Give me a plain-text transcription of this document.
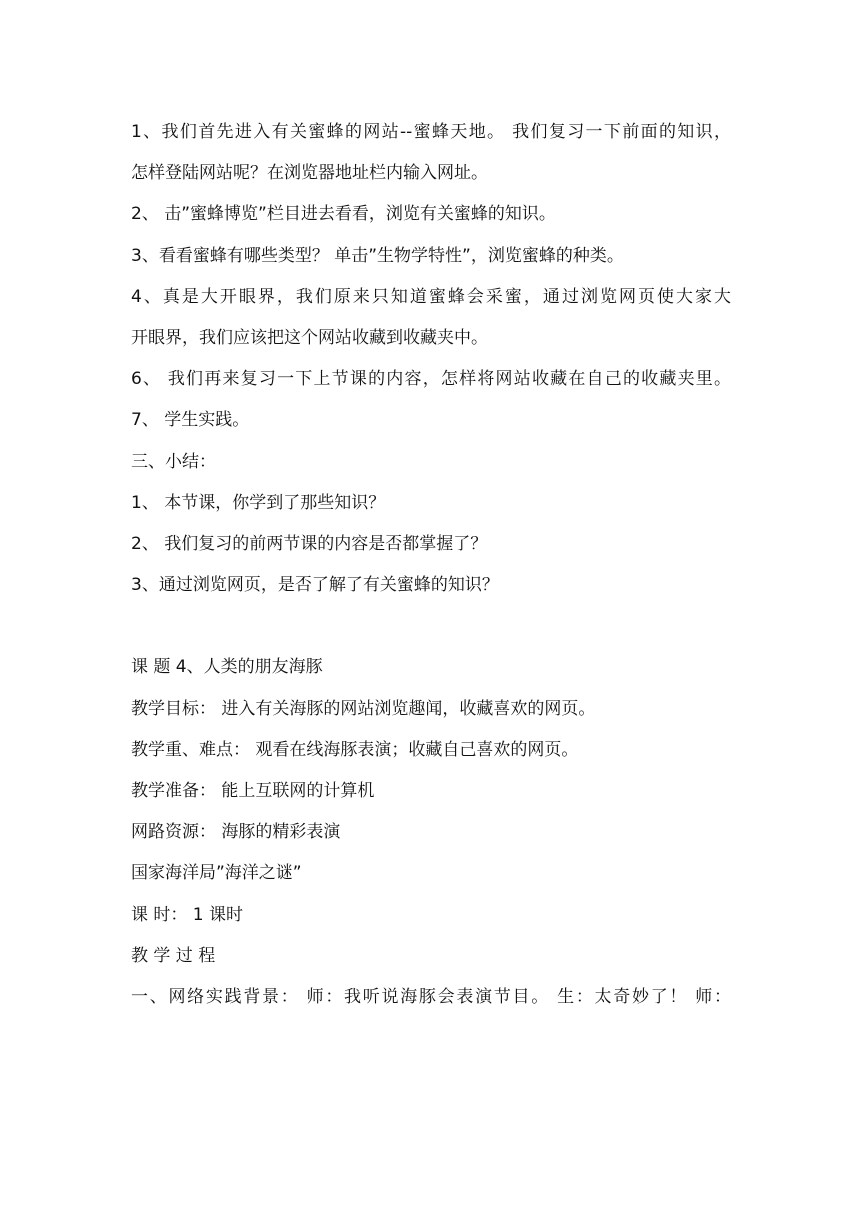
1、我们首先进入有关蜜蜂的网站--蜜蜂天地。 我们复习一下前面的知识，
怎样登陆网站呢？在浏览器地址栏内输入网址。
2、 击”蜜蜂博览”栏目进去看看，浏览有关蜜蜂的知识。
3、看看蜜蜂有哪些类型？ 单击”生物学特性”，浏览蜜蜂的种类。
4、真是大开眼界，我们原来只知道蜜蜂会采蜜，通过浏览网页使大家大
开眼界，我们应该把这个网站收藏到收藏夹中。
6、 我们再来复习一下上节课的内容，怎样将网站收藏在自己的收藏夹里。
7、 学生实践。
三、小结：
1、 本节课，你学到了那些知识？
2、 我们复习的前两节课的内容是否都掌握了？
3、通过浏览网页，是否了解了有关蜜蜂的知识？
课 题 4、人类的朋友海豚
教学目标： 进入有关海豚的网站浏览趣闻，收藏喜欢的网页。
教学重、难点： 观看在线海豚表演；收藏自己喜欢的网页。
教学准备： 能上互联网的计算机
网路资源： 海豚的精彩表演
国家海洋局”海洋之谜”
课 时： 1 课时
教 学 过 程
一、网络实践背景： 师：我听说海豚会表演节目。 生：太奇妙了！ 师：
